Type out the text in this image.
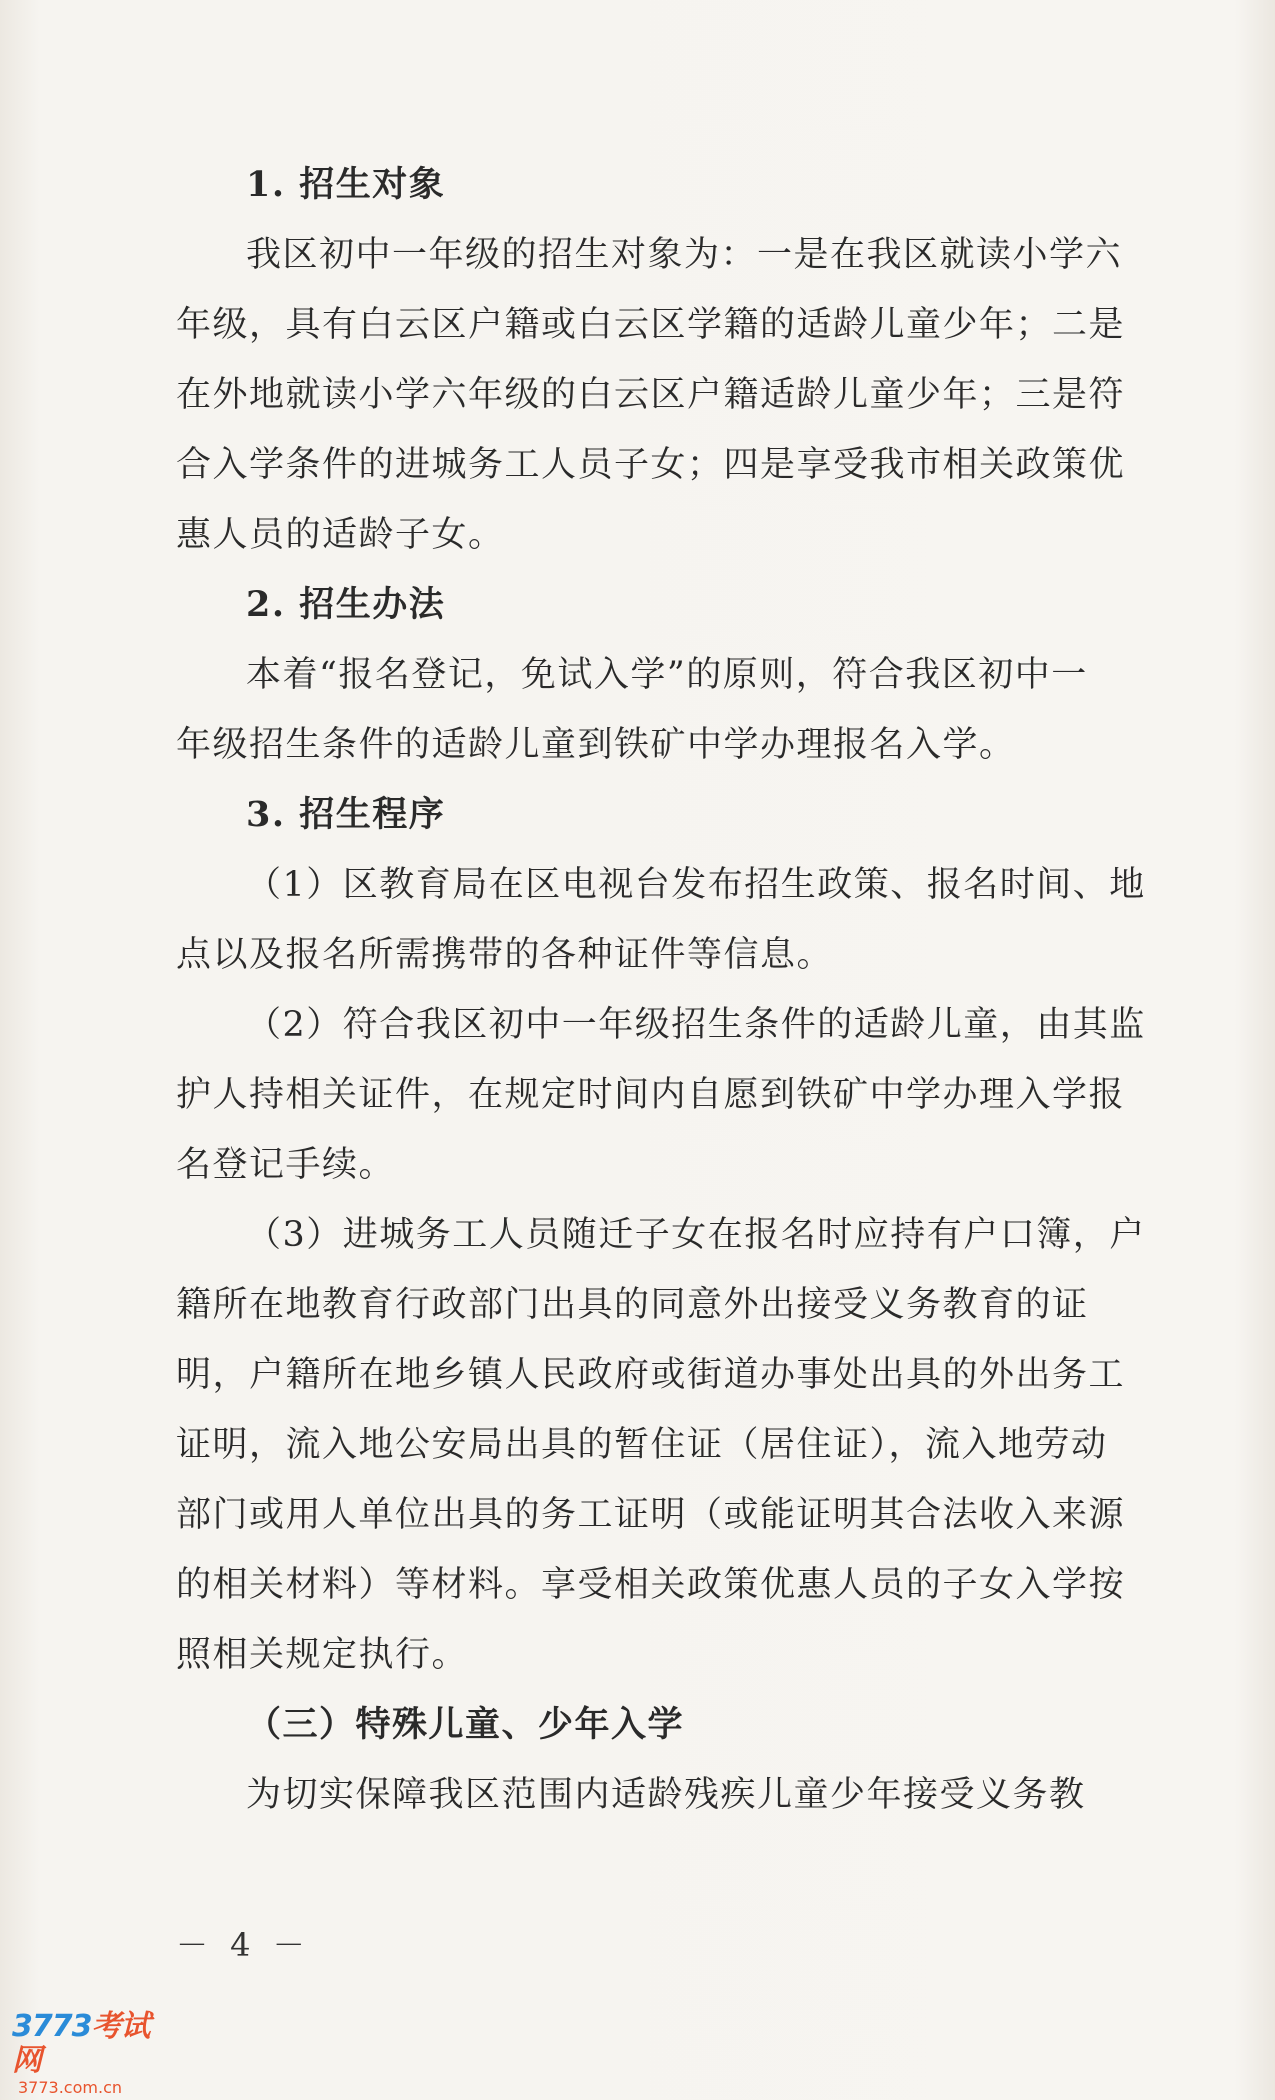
1. 招生对象
我区初中一年级的招生对象为：一是在我区就读小学六
年级，具有白云区户籍或白云区学籍的适龄儿童少年；二是
在外地就读小学六年级的白云区户籍适龄儿童少年；三是符
合入学条件的进城务工人员子女；四是享受我市相关政策优
惠人员的适龄子女。
2. 招生办法
本着“报名登记，免试入学”的原则，符合我区初中一
年级招生条件的适龄儿童到铁矿中学办理报名入学。
3. 招生程序
（1）区教育局在区电视台发布招生政策、报名时间、地
点以及报名所需携带的各种证件等信息。
（2）符合我区初中一年级招生条件的适龄儿童，由其监
护人持相关证件，在规定时间内自愿到铁矿中学办理入学报
名登记手续。
（3）进城务工人员随迁子女在报名时应持有户口簿，户
籍所在地教育行政部门出具的同意外出接受义务教育的证
明，户籍所在地乡镇人民政府或街道办事处出具的外出务工
证明，流入地公安局出具的暂住证（居住证），流入地劳动
部门或用人单位出具的务工证明（或能证明其合法收入来源
的相关材料）等材料。享受相关政策优惠人员的子女入学按
照相关规定执行。
（三）特殊儿童、少年入学
为切实保障我区范围内适龄残疾儿童少年接受义务教
－ 4 －
3773考试网
3773.com.cn
